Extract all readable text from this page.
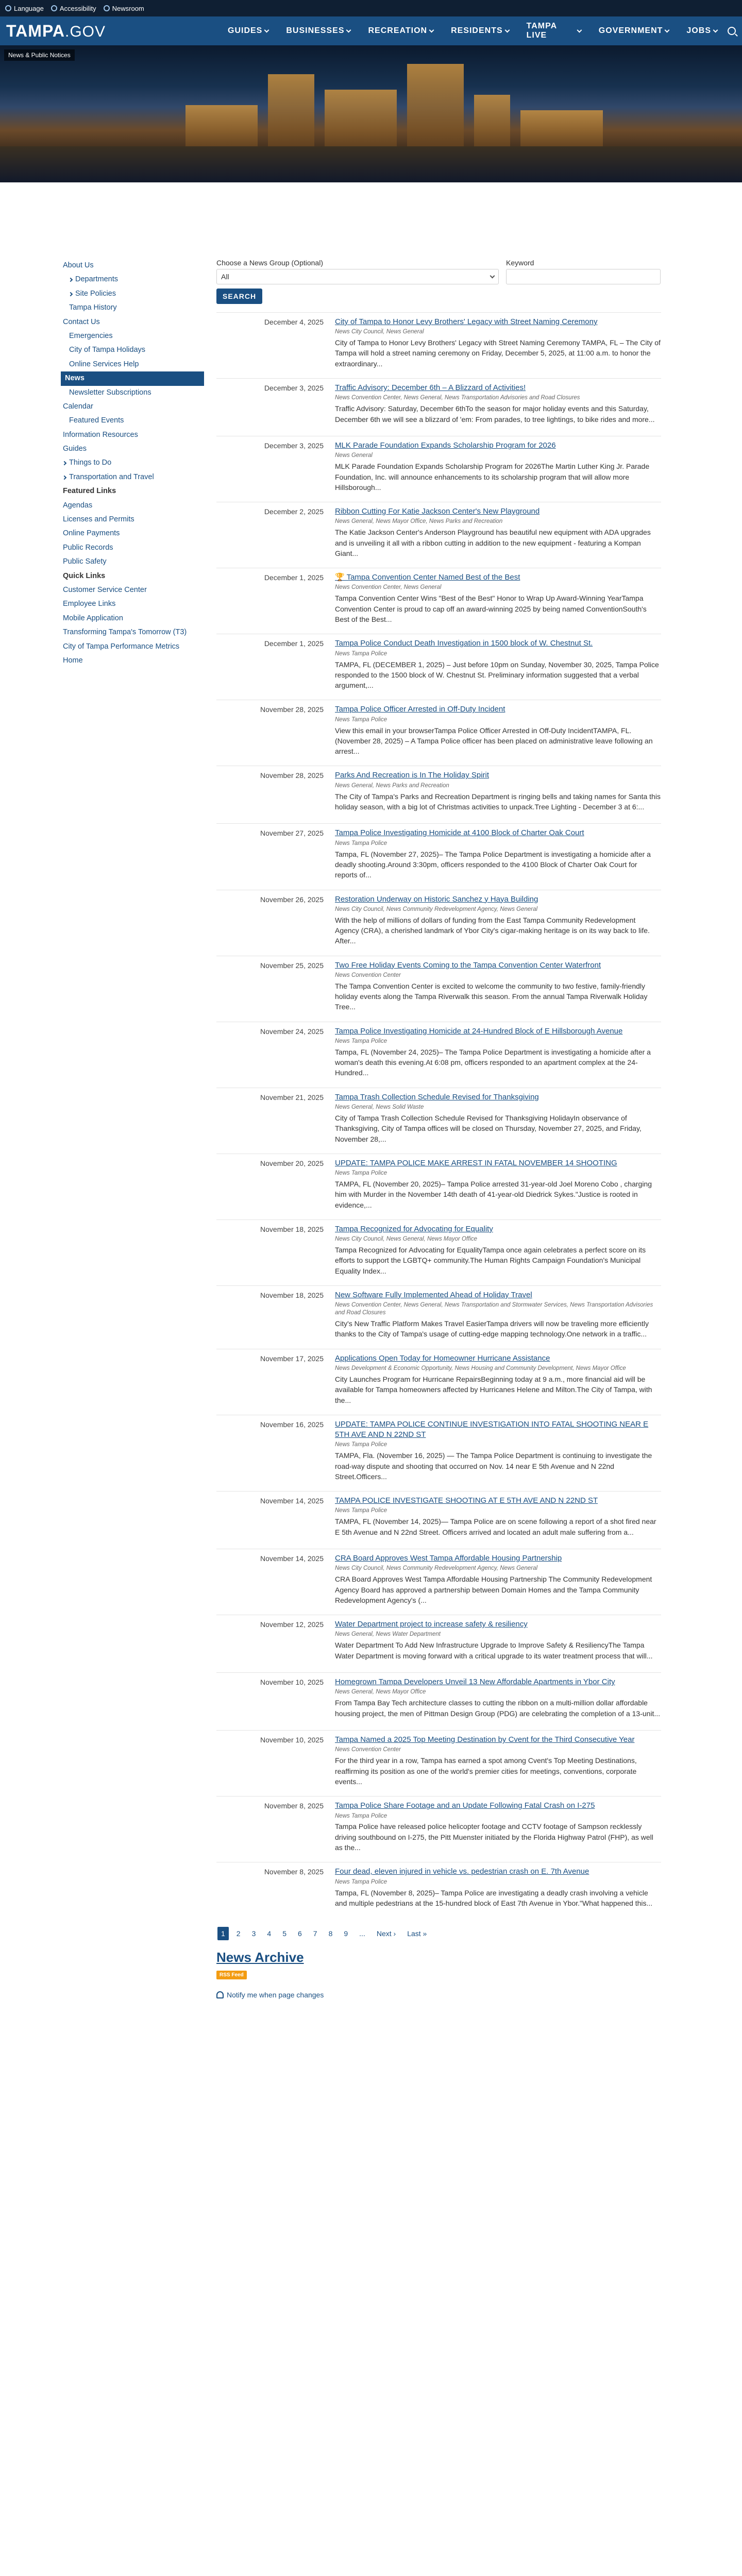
Language Accessibility Newsroom
TAMPA.GOV	GUIDES	BUSINESSES	RECREATION	RESIDENTS
TAMPA LIVE
GOVERNMENT	JOBS
News & Public Notices
About Us
Departments
Site Policies
Tampa History
Contact Us
Emergencies
City of Tampa Holidays
Online Services Help
News
Newsletter Subscriptions
Calendar
Featured Events
Information Resources
Guides
Things to Do
Transportation and Travel
Featured Links
Agendas
Licenses and Permits
Online Payments
Public Records
Public Safety
Quick Links
Customer Service Center
Employee Links
Mobile Application
Transforming Tampa's Tomorrow (T3)
City of Tampa Performance Metrics
Home
Choose a News Group (Optional)
All
Keyword
SEARCH
December 4, 2025	City of Tampa to Honor Levy Brothers' Legacy with Street Naming Ceremony
News City Council, News General
City of Tampa to Honor Levy Brothers' Legacy with Street Naming Ceremony TAMPA, FL – The City of Tampa will hold a street naming ceremony on Friday, December 5, 2025, at 11:00 a.m. to honor the extraordinary...
December 3, 2025	Traffic Advisory: December 6th – A Blizzard of Activities!
News Convention Center, News General, News Transportation Advisories and Road Closures
Traffic Advisory: Saturday, December 6thTo the season for major holiday events and this Saturday, December 6th we will see a blizzard of 'em: From parades, to tree lightings, to bike rides and more...
December 3, 2025	MLK Parade Foundation Expands Scholarship Program for 2026
News General
MLK Parade Foundation Expands Scholarship Program for 2026The Martin Luther King Jr. Parade Foundation, Inc. will announce enhancements to its scholarship program that will allow more Hillsborough...
December 2, 2025	Ribbon Cutting For Katie Jackson Center's New Playground
News General, News Mayor Office, News Parks and Recreation
The Katie Jackson Center's Anderson Playground has beautiful new equipment with ADA upgrades and is unveiling it all with a ribbon cutting in addition to the new equipment - featuring a Kompan Giant...
December 1, 2025	🏆 Tampa Convention Center Named Best of the Best
News Convention Center, News General
Tampa Convention Center Wins "Best of the Best" Honor to Wrap Up Award-Winning YearTampa Convention Center is proud to cap off an award-winning 2025 by being named ConventionSouth's Best of the Best...
December 1, 2025	Tampa Police Conduct Death Investigation in 1500 block of W. Chestnut St.
News Tampa Police
TAMPA, FL (DECEMBER 1, 2025) – Just before 10pm on Sunday, November 30, 2025, Tampa Police responded to the 1500 block of W. Chestnut St. Preliminary information suggested that a verbal argument,...
November 28, 2025	Tampa Police Officer Arrested in Off-Duty Incident
News Tampa Police
View this email in your browserTampa Police Officer Arrested in Off-Duty IncidentTAMPA, FL. (November 28, 2025) – A Tampa Police officer has been placed on administrative leave following an arrest...
November 28, 2025	Parks And Recreation is In The Holiday Spirit
News General, News Parks and Recreation
The City of Tampa's Parks and Recreation Department is ringing bells and taking names for Santa this holiday season, with a big lot of Christmas activities to unpack.Tree Lighting - December 3 at 6:...
November 27, 2025	Tampa Police Investigating Homicide at 4100 Block of Charter Oak Court
News Tampa Police
Tampa, FL (November 27, 2025)– The Tampa Police Department is investigating a homicide after a deadly shooting.Around 3:30pm, officers responded to the 4100 Block of Charter Oak Court for reports of...
November 26, 2025	Restoration Underway on Historic Sanchez y Haya Building
News City Council, News Community Redevelopment Agency, News General
With the help of millions of dollars of funding from the East Tampa Community Redevelopment Agency (CRA), a cherished landmark of Ybor City's cigar-making heritage is on its way back to life. After...
November 25, 2025	Two Free Holiday Events Coming to the Tampa Convention Center Waterfront
News Convention Center
The Tampa Convention Center is excited to welcome the community to two festive, family-friendly holiday events along the Tampa Riverwalk this season. From the annual Tampa Riverwalk Holiday Tree...
November 24, 2025	Tampa Police Investigating Homicide at 24-Hundred Block of E Hillsborough Avenue
News Tampa Police
Tampa, FL (November 24, 2025)– The Tampa Police Department is investigating a homicide after a woman's death this evening.At 6:08 pm, officers responded to an apartment complex at the 24-Hundred...
November 21, 2025	Tampa Trash Collection Schedule Revised for Thanksgiving
News General, News Solid Waste
City of Tampa Trash Collection Schedule Revised for Thanksgiving HolidayIn observance of Thanksgiving, City of Tampa offices will be closed on Thursday, November 27, 2025, and Friday, November 28,...
November 20, 2025	UPDATE: TAMPA POLICE MAKE ARREST IN FATAL NOVEMBER 14 SHOOTING
News Tampa Police
TAMPA, FL (November 20, 2025)– Tampa Police arrested 31-year-old Joel Moreno Cobo , charging him with Murder in the November 14th death of 41-year-old Diedrick Sykes."Justice is rooted in evidence,...
November 18, 2025	Tampa Recognized for Advocating for Equality
News City Council, News General, News Mayor Office
Tampa Recognized for Advocating for EqualityTampa once again celebrates a perfect score on its efforts to support the LGBTQ+ community.The Human Rights Campaign Foundation's Municipal Equality Index...
November 18, 2025	New Software Fully Implemented Ahead of Holiday Travel
News Convention Center, News General, News Transportation and Stormwater Services, News Transportation Advisories and Road Closures
City's New Traffic Platform Makes Travel EasierTampa drivers will now be traveling more efficiently thanks to the City of Tampa's usage of cutting-edge mapping technology.One network in a traffic...
November 17, 2025	Applications Open Today for Homeowner Hurricane Assistance
News Development & Economic Opportunity, News Housing and Community Development, News Mayor Office
City Launches Program for Hurricane RepairsBeginning today at 9 a.m., more financial aid will be available for Tampa homeowners affected by Hurricanes Helene and Milton.The City of Tampa, with the...
November 16, 2025	UPDATE: TAMPA POLICE CONTINUE INVESTIGATION INTO FATAL SHOOTING NEAR E 5TH AVE AND N 22ND ST
News Tampa Police
TAMPA, Fla. (November 16, 2025) — The Tampa Police Department is continuing to investigate the road-way dispute and shooting that occurred on Nov. 14 near E 5th Avenue and N 22nd Street.Officers...
November 14, 2025	TAMPA POLICE INVESTIGATE SHOOTING AT E 5TH AVE AND N 22ND ST
News Tampa Police
TAMPA, FL (November 14, 2025)— Tampa Police are on scene following a report of a shot fired near E 5th Avenue and N 22nd Street. Officers arrived and located an adult male suffering from a...
November 14, 2025	CRA Board Approves West Tampa Affordable Housing Partnership
News City Council, News Community Redevelopment Agency, News General
CRA Board Approves West Tampa Affordable Housing Partnership The Community Redevelopment Agency Board has approved a partnership between Domain Homes and the Tampa Community Redevelopment Agency's (...
November 12, 2025	Water Department project to increase safety & resiliency
News General, News Water Department
Water Department To Add New Infrastructure Upgrade to Improve Safety & ResiliencyThe Tampa Water Department is moving forward with a critical upgrade to its water treatment process that will...
November 10, 2025	Homegrown Tampa Developers Unveil 13 New Affordable Apartments in Ybor City
News General, News Mayor Office
From Tampa Bay Tech architecture classes to cutting the ribbon on a multi-million dollar affordable housing project, the men of Pittman Design Group (PDG) are celebrating the completion of a 13-unit...
November 10, 2025	Tampa Named a 2025 Top Meeting Destination by Cvent for the Third Consecutive Year
News Convention Center
For the third year in a row, Tampa has earned a spot among Cvent's Top Meeting Destinations, reaffirming its position as one of the world's premier cities for meetings, conventions, corporate events...
November 8, 2025	Tampa Police Share Footage and an Update Following Fatal Crash on I-275
News Tampa Police
Tampa Police have released police helicopter footage and CCTV footage of Sampson recklessly driving southbound on I-275, the Pitt Muenster initiated by the Florida Highway Patrol (FHP), as well as the...
November 8, 2025	Four dead, eleven injured in vehicle vs. pedestrian crash on E. 7th Avenue
News Tampa Police
Tampa, FL (November 8, 2025)– Tampa Police are investigating a deadly crash involving a vehicle and multiple pedestrians at the 15-hundred block of East 7th Avenue in Ybor."What happened this...
1	2	3	4	5	6	7	8	9	...	Next ›	Last »
News Archive
RSS Feed
Notify me when page changes
